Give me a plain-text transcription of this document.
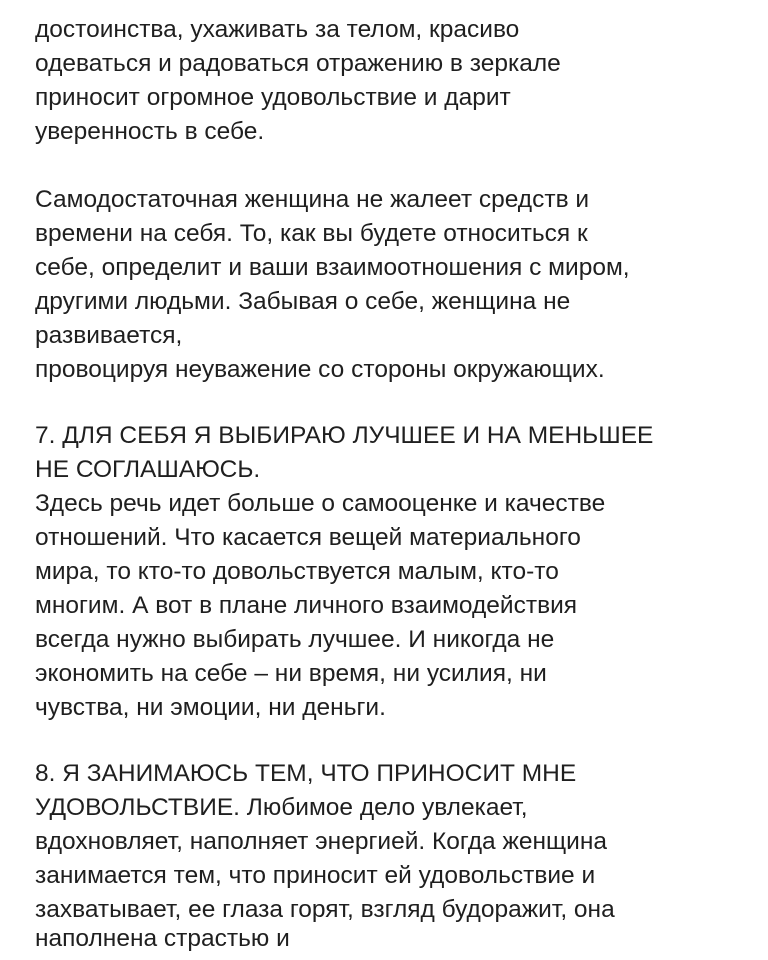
достоинства, ухаживать за телом, красиво

одеваться и радоваться отражению в зеркале

приносит огромное удовольствие и дарит

уверенность в себе.

Самодостаточная женщина не жалеет средств и

времени на себя. То, как вы будете относиться к

себе, определит и ваши взаимоотношения с миром,

другими людьми. Забывая о себе, женщина не

развивается,

провоцируя неуважение со стороны окружающих.

7. ДЛЯ СЕБЯ Я ВЫБИРАЮ ЛУЧШЕЕ И НА МЕНЬШЕЕ

НЕ СОГЛАШАЮСЬ.

Здесь речь идет больше о самооценке и качестве

отношений. Что касается вещей материального

мира, то кто-то довольствуется малым, кто-то

многим. А вот в плане личного взаимодействия

всегда нужно выбирать лучшее. И никогда не

экономить на себе – ни время, ни усилия, ни

чувства, ни эмоции, ни деньги.

8. Я ЗАНИМАЮСЬ ТЕМ, ЧТО ПРИНОСИТ МНЕ

УДОВОЛЬСТВИЕ. Любимое дело увлекает,

вдохновляет, наполняет энергией. Когда женщина

занимается тем, что приносит ей удовольствие и

захватывает, ее глаза горят, взгляд будоражит, она

наполнена страстью и
